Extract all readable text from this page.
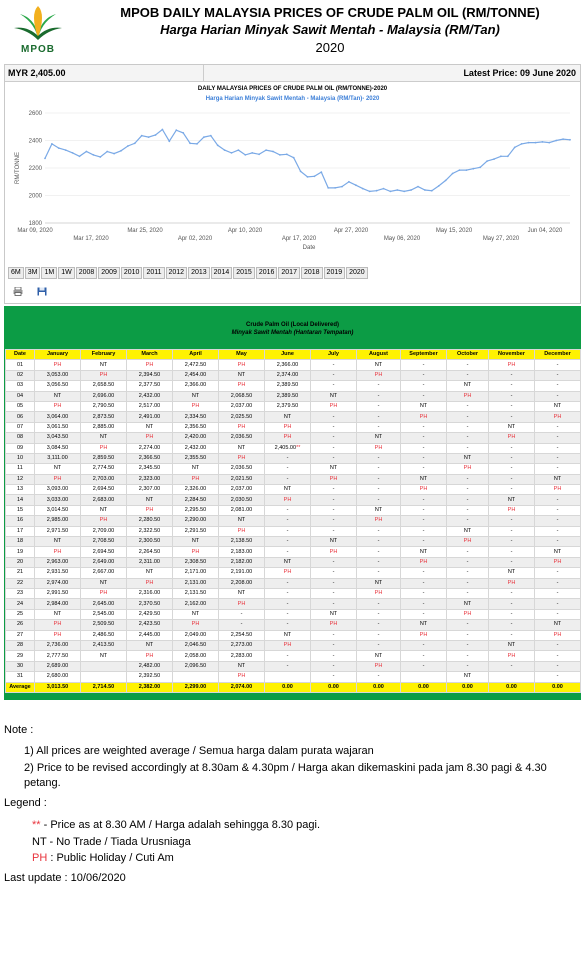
MPOB
MPOB DAILY MALAYSIA PRICES OF CRUDE PALM OIL (RM/TONNE)
Harga Harian Minyak Sawit Mentah - Malaysia (RM/Tan)
2020
MYR 2,405.00	Latest Price: 09 June 2020
DAILY MALAYSIA PRICES OF CRUDE PALM OIL (RM/TONNE)-2020
Harga Harian Minyak Sawit Mentah - Malaysia (RM/Tan)- 2020
2600
2400
2200
2000
1800
Mar 09, 2020	Mar 25, 2020	Apr 10, 2020	Apr 27, 2020	May 15, 2020	Jun 04, 2020
Mar 17, 2020	Apr 02, 2020	Apr 17, 2020	May 06, 2020	May 27, 2020
Date
RM/TONNE
6M	3M	1M	1W	2008	2009	2010	2011	2012	2013	2014	2015	2016	2017	2018	2019	2020
Crude Palm Oil (Local Delivered)
Minyak Sawit Mentah (Hantaran Tempatan)
Date	January	February	March	April	May	June	July	August	September	October	November	December
01	PH	NT	PH	2,472.50	PH	2,366.00	-	NT	-	-	PH	-
02	3,053.00	PH	2,394.50	2,454.00	NT	2,374.00	-	PH	-	-	-	-
03	3,056.50	2,658.50	2,377.50	2,366.00	PH	2,389.50	-	-	-	NT	-	-
04	NT	2,696.00	2,432.00	NT	2,068.50	2,389.50	NT	-	-	PH	-	-
05	PH	2,790.50	2,517.00	PH	2,037.00	2,379.50	PH	-	NT	-	-	NT
06	3,064.00	2,873.50	2,491.00	2,334.50	2,025.50	NT	-	-	PH	-	-	PH
07	3,061.50	2,885.00	NT	2,356.50	PH	PH	-	-	-	-	NT	-
08	3,043.50	NT	PH	2,420.00	2,036.50	PH	-	NT	-	-	PH	-
09	3,084.50	PH	2,274.00	2,432.00	NT	2,405.00**	-	PH	-	-	-	-
10	3,111.00	2,859.50	2,366.50	2,355.50	PH	-	-	-	-	NT	-	-
11	NT	2,774.50	2,345.50	NT	2,036.50	-	NT	-	-	PH	-	-
12	PH	2,703.00	2,323.00	PH	2,021.50	-	PH	-	NT	-	-	NT
13	3,093.00	2,694.50	2,307.00	2,326.00	2,037.00	NT	-	-	PH	-	-	PH
14	3,033.00	2,683.00	NT	2,284.50	2,030.50	PH	-	-	-	-	NT	-
15	3,014.50	NT	PH	2,295.50	2,081.00	-	-	NT	-	-	PH	-
16	2,985.00	PH	2,280.50	2,290.00	NT	-	-	PH	-	-	-	-
17	2,971.50	2,709.00	2,322.50	2,291.50	PH	-	-	-	-	NT	-	-
18	NT	2,708.50	2,300.50	NT	2,138.50	-	NT	-	-	PH	-	-
19	PH	2,694.50	2,264.50	PH	2,183.00	-	PH	-	NT	-	-	NT
20	2,963.00	2,649.00	2,311.00	2,308.50	2,182.00	NT	-	-	PH	-	-	PH
21	2,931.50	2,667.00	NT	2,171.00	2,191.00	PH	-	-	-	-	NT	-
22	2,974.00	NT	PH	2,131.00	2,208.00	-	-	NT	-	-	PH	-
23	2,991.50	PH	2,316.00	2,131.50	NT	-	-	PH	-	-	-	-
24	2,984.00	2,645.00	2,370.50	2,162.00	PH	-	-	-	-	NT	-	-
25	NT	2,545.00	2,429.50	NT	-	-	NT	-	-	PH	-	-
26	PH	2,509.50	2,423.50	PH	-	-	PH	-	NT	-	-	NT
27	PH	2,486.50	2,445.00	2,049.00	2,254.50	NT	-	-	PH	-	-	PH
28	2,736.00	2,413.50	NT	2,046.50	2,273.00	PH	-	-	-	-	NT	-
29	2,777.50	NT	PH	2,058.00	2,283.00	-	-	NT	-	-	PH	-
30	2,689.00		2,482.00	2,096.50	NT	-	-	PH	-	-	-	-
31	2,680.00		2,392.50		PH		-	-		NT		-
Average	3,013.50	2,714.50	2,382.00	2,299.00	2,074.00	0.00	0.00	0.00	0.00	0.00	0.00	0.00
Note :
1) All prices are weighted average / Semua harga dalam purata wajaran
2) Price to be revised accordingly at 8.30am & 4.30pm / Harga akan dikemaskini pada jam 8.30 pagi & 4.30 petang.
Legend :
** - Price as at 8.30 AM / Harga adalah sehingga 8.30 pagi.
NT - No Trade / Tiada Urusniaga
PH : Public Holiday / Cuti Am
Last update : 10/06/2020
